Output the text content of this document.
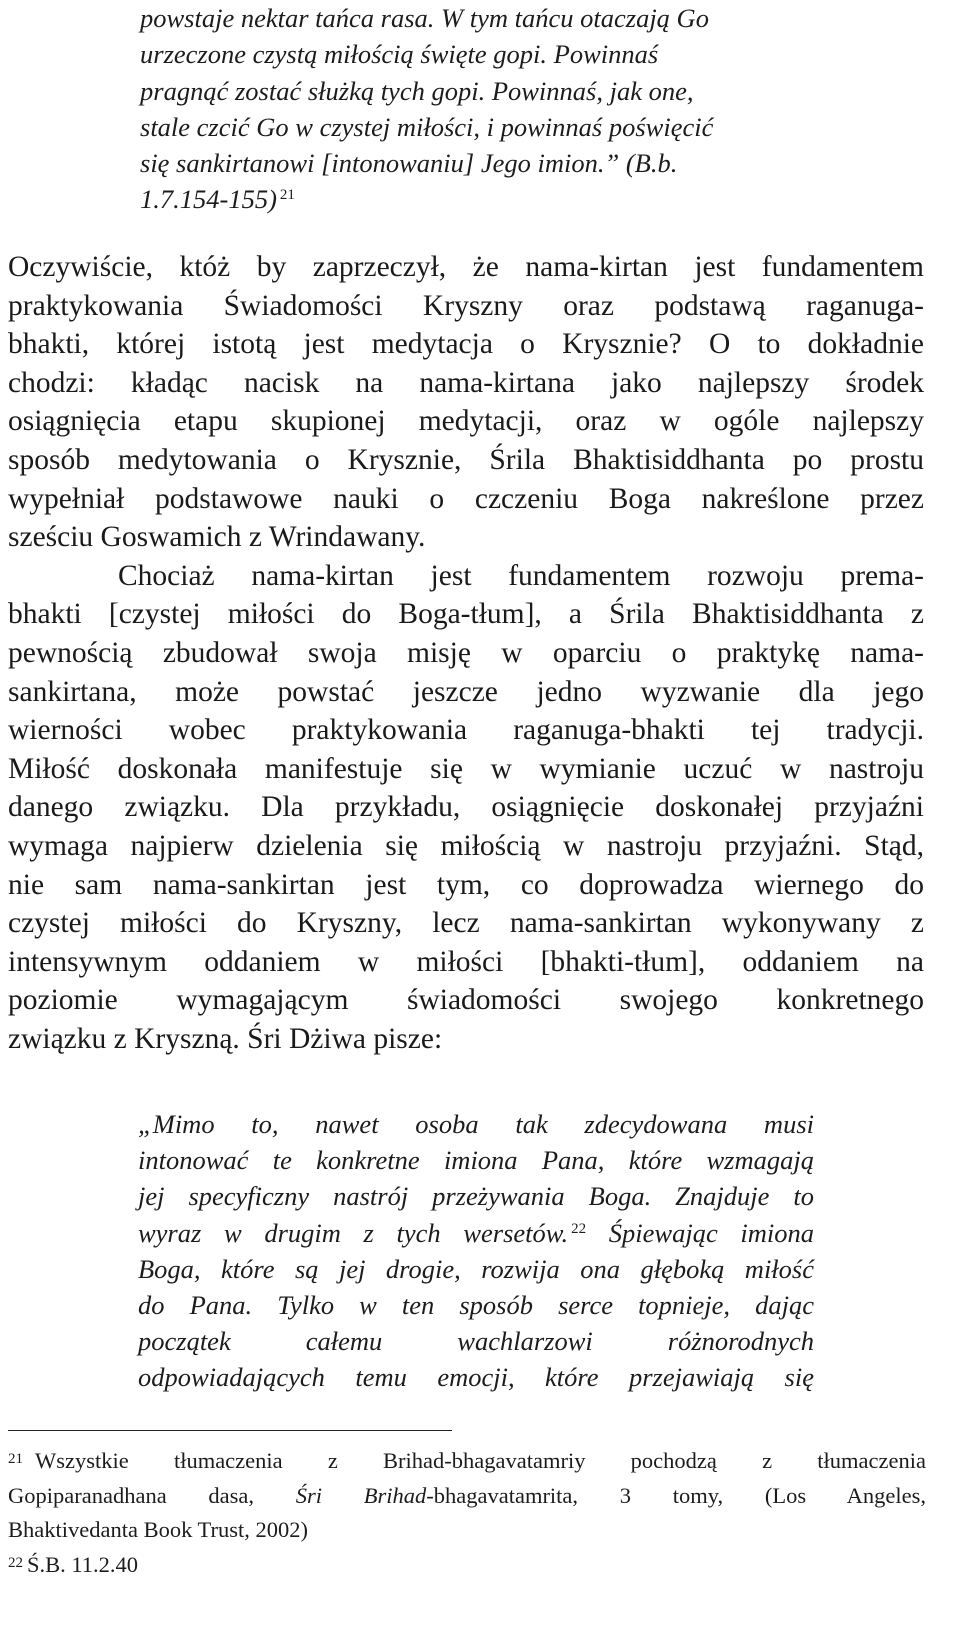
powstaje nektar tańca rasa. W tym tańcu otaczają Go
urzeczone czystą miłością święte gopi. Powinnaś
pragnąć zostać służką tych gopi. Powinnaś, jak one,
stale czcić Go w czystej miłości, i powinnaś poświęcić
się sankirtanowi [intonowaniu] Jego imion.” (B.b.
1.7.154-155) $^{21}$
Oczywiście, któż by zaprzeczył, że nama-kirtan jest fundamentem
praktykowania Świadomości Kryszny oraz podstawą raganuga-
bhakti, której istotą jest medytacja o Krysznie? O to dokładnie
chodzi: kładąc nacisk na nama-kirtana jako najlepszy środek
osiągnięcia etapu skupionej medytacji, oraz w ogóle najlepszy
sposób medytowania o Krysznie, Śrila Bhaktisiddhanta po prostu
wypełniał podstawowe nauki o czczeniu Boga nakreślone przez
sześciu Goswamich z Wrindawany.
Chociaż nama-kirtan jest fundamentem rozwoju prema-
bhakti [czystej miłości do Boga-tłum], a Śrila Bhaktisiddhanta z
pewnością zbudował swoja misję w oparciu o praktykę nama-
sankirtana, może powstać jeszcze jedno wyzwanie dla jego
wierności wobec praktykowania raganuga-bhakti tej tradycji.
Miłość doskonała manifestuje się w wymianie uczuć w nastroju
danego związku. Dla przykładu, osiągnięcie doskonałej przyjaźni
wymaga najpierw dzielenia się miłością w nastroju przyjaźni. Stąd,
nie sam nama-sankirtan jest tym, co doprowadza wiernego do
czystej miłości do Kryszny, lecz nama-sankirtan wykonywany z
intensywnym oddaniem w miłości [bhakti-tłum], oddaniem na
poziomie wymagającym świadomości swojego konkretnego
związku z Kryszną. Śri Dżiwa pisze:
„Mimo to, nawet osoba tak zdecydowana musi
intonować te konkretne imiona Pana, które wzmagają
jej specyficzny nastrój przeżywania Boga. Znajduje to
wyraz w drugim z tych wersetów. $^{22}$ Śpiewając imiona
Boga, które są jej drogie, rozwija ona głęboką miłość
do Pana. Tylko w ten sposób serce topnieje, dając
początek całemu wachlarzowi różnorodnych
odpowiadających temu emocji, które przejawiają się
$^{21}$ Wszystkie tłumaczenia z Brihad-bhagavatamriy pochodzą z tłumaczenia
Gopiparanadhana dasa, Śri Brihad-bhagavatamrita, 3 tomy, (Los Angeles,
Bhaktivedanta Book Trust, 2002)
$^{22}$ Ś.B. 11.2.40
